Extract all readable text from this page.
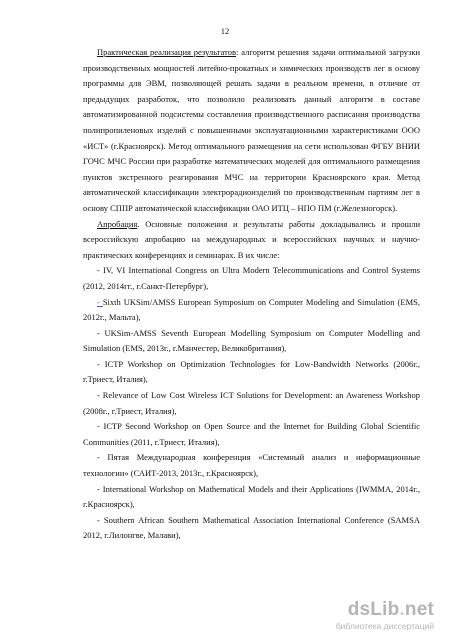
12

Практическая реализация результатов: алгоритм решения задачи оптимальной загрузки производственных мощностей литейно-прокатных и химических производств лег в основу программы для ЭВМ, позволяющей решать задачи в реальном времени, в отличие от предыдущих разработок, что позволило реализовать данный алгоритм в составе автоматизированной подсистемы составления производственного расписания производства полипропиленовых изделий с повышенными эксплуатационными характеристиками ООО «ИСТ» (г.Красноярск). Метод оптимального размещения на сети использован ФГБУ ВНИИ ГОЧС МЧС России при разработке математических моделей для оптимального размещения пунктов экстренного реагирования МЧС на территории Красноярского края. Метод автоматической классификации электрорадиоизделий по производственным партиям лег в основу СППР автоматической классификации ОАО ИТЦ – НПО ПМ (г.Железногорск).

Апробация. Основные положения и результаты работы докладывались и прошли всероссийскую апробацию на международных и всероссийских научных и научно-практических конференциях и семинарах. В их числе:

- IV, VI International Congress on Ultra Modern Telecommunications and Control Systems (2012, 2014гг., г.Санкт-Петербург),

- Sixth UKSim/AMSS European Symposium on Computer Modeling and Simulation (EMS, 2012г., Мальта),

- UKSim-AMSS Seventh European Modelling Symposium on Computer Modelling and Simulation (EMS, 2013г., г.Манчестер, Великобритания),

- ICTP Workshop on Optimization Technologies for Low-Bandwidth Networks (2006г., г.Триест, Италия),

- Relevance of Low Cost Wireless ICT Solutions for Development: an Awareness Workshop (2008г., г.Триест, Италия),

- ICTP Second Workshop on Open Source and the Internet for Building Global Scientific Communities (2011, г.Триест, Италия),

- Пятая Международная конференция «Системный анализ и информационные технологии» (САИТ-2013, 2013г., г.Красноярск),

- International Workshop on Mathematical Models and their Applications (IWMMA, 2014г., г.Красноярск),

- Southern African Southern Mathematical Association International Conference (SAMSA 2012, г.Лилонгве, Малави),

dsLib.net
библиотека диссертаций
